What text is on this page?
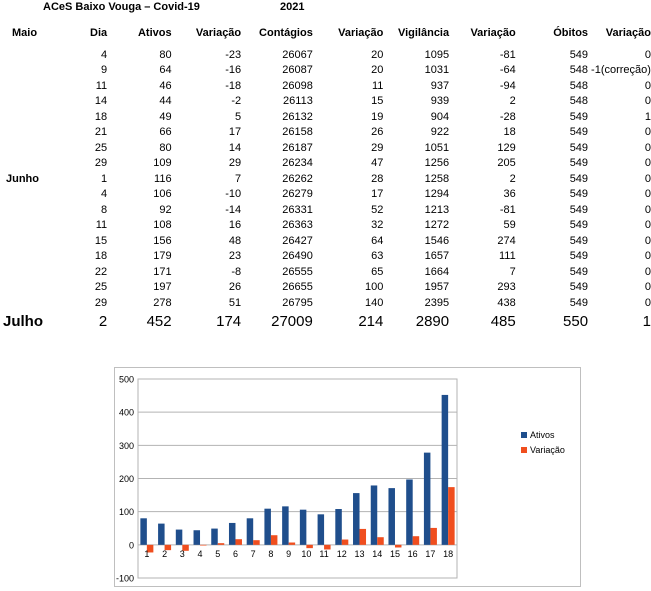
ACeS Baixo Vouga – Covid-19	2021
Maio	Dia	Ativos	Variação	Contágios	Variação	Vigilância	Variação	Óbitos	Variação

	4	80	-23	26067	20	1095	-81	549	0
	9	64	-16	26087	20	1031	-64	548	-1(correção)
	11	46	-18	26098	11	937	-94	548	0
	14	44	-2	26113	15	939	2	548	0
	18	49	5	26132	19	904	-28	549	1
	21	66	17	26158	26	922	18	549	0
	25	80	14	26187	29	1051	129	549	0
	29	109	29	26234	47	1256	205	549	0
Junho	1	116	7	26262	28	1258	2	549	0
	4	106	-10	26279	17	1294	36	549	0
	8	92	-14	26331	52	1213	-81	549	0
	11	108	16	26363	32	1272	59	549	0
	15	156	48	26427	64	1546	274	549	0
	18	179	23	26490	63	1657	111	549	0
	22	171	-8	26555	65	1664	7	549	0
	25	197	26	26655	100	1957	293	549	0
	29	278	51	26795	140	2395	438	549	0
Julho	2	452	174	27009	214	2890	485	550	1
-100
0
100
200
300
400
500
1 2 3 4 5 6 7 8 9 10 11 12 13 14 15 16 17 18
Ativos
Variação
